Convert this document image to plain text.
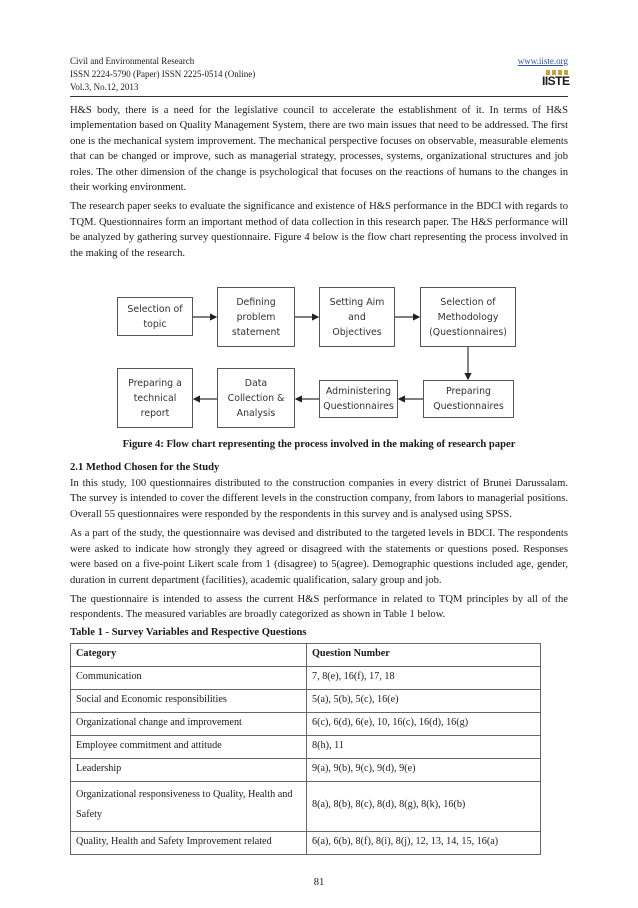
Civil and Environmental Research
ISSN 2224-5790 (Paper) ISSN 2225-0514 (Online)
Vol.3, No.12, 2013
www.iiste.org
IISTE

H&S body, there is a need for the legislative council to accelerate the establishment of it. In terms of H&S implementation based on Quality Management System, there are two main issues that need to be addressed. The first one is the mechanical system improvement. The mechanical perspective focuses on observable, measurable elements that can be changed or improve, such as managerial strategy, processes, systems, organizational structures and job roles. The other dimension of the change is psychological that focuses on the reactions of humans to the changes in their working environment.

The research paper seeks to evaluate the significance and existence of H&S performance in the BDCI with regards to TQM. Questionnaires form an important method of data collection in this research paper. The H&S performance will be analyzed by gathering survey questionnaire. Figure 4 below is the flow chart representing the process involved in the making of the research.

Selection of
topic
Defining
problem
statement
Setting Aim
and
Objectives
Selection of
Methodology
(Questionnaires)
Preparing
Questionnaires
Administering
Questionnaires
Data
Collection &
Analysis
Preparing a
technical
report
Figure 4: Flow chart representing the process involved in the making of research paper
2.1 Method Chosen for the Study

In this study, 100 questionnaires distributed to the construction companies in every district of Brunei Darussalam. The survey is intended to cover the different levels in the construction company, from labors to managerial positions. Overall 55 questionnaires were responded by the respondents in this survey and is analysed using SPSS.

As a part of the study, the questionnaire was devised and distributed to the targeted levels in BDCI. The respondents were asked to indicate how strongly they agreed or disagreed with the statements or questions posed. Responses were based on a five-point Likert scale from 1 (disagree) to 5(agree). Demographic questions included age, gender, duration in current department (facilities), academic qualification, salary group and job.

The questionnaire is intended to assess the current H&S performance in related to TQM principles by all of the respondents. The measured variables are broadly categorized as shown in Table 1 below.

Table 1 - Survey Variables and Respective Questions
Category	Question Number
Communication	7, 8(e), 16(f), 17, 18
Social and Economic responsibilities	5(a), 5(b), 5(c), 16(e)
Organizational change and improvement	6(c), 6(d), 6(e), 10, 16(c), 16(d), 16(g)
Employee commitment and attitude	8(h), 11
Leadership	9(a), 9(b), 9(c), 9(d), 9(e)
Organizational responsiveness to Quality, Health and Safety	8(a), 8(b), 8(c), 8(d), 8(g), 8(k), 16(b)
Quality, Health and Safety Improvement related	6(a), 6(b), 8(f), 8(i), 8(j), 12, 13, 14, 15, 16(a)
81
